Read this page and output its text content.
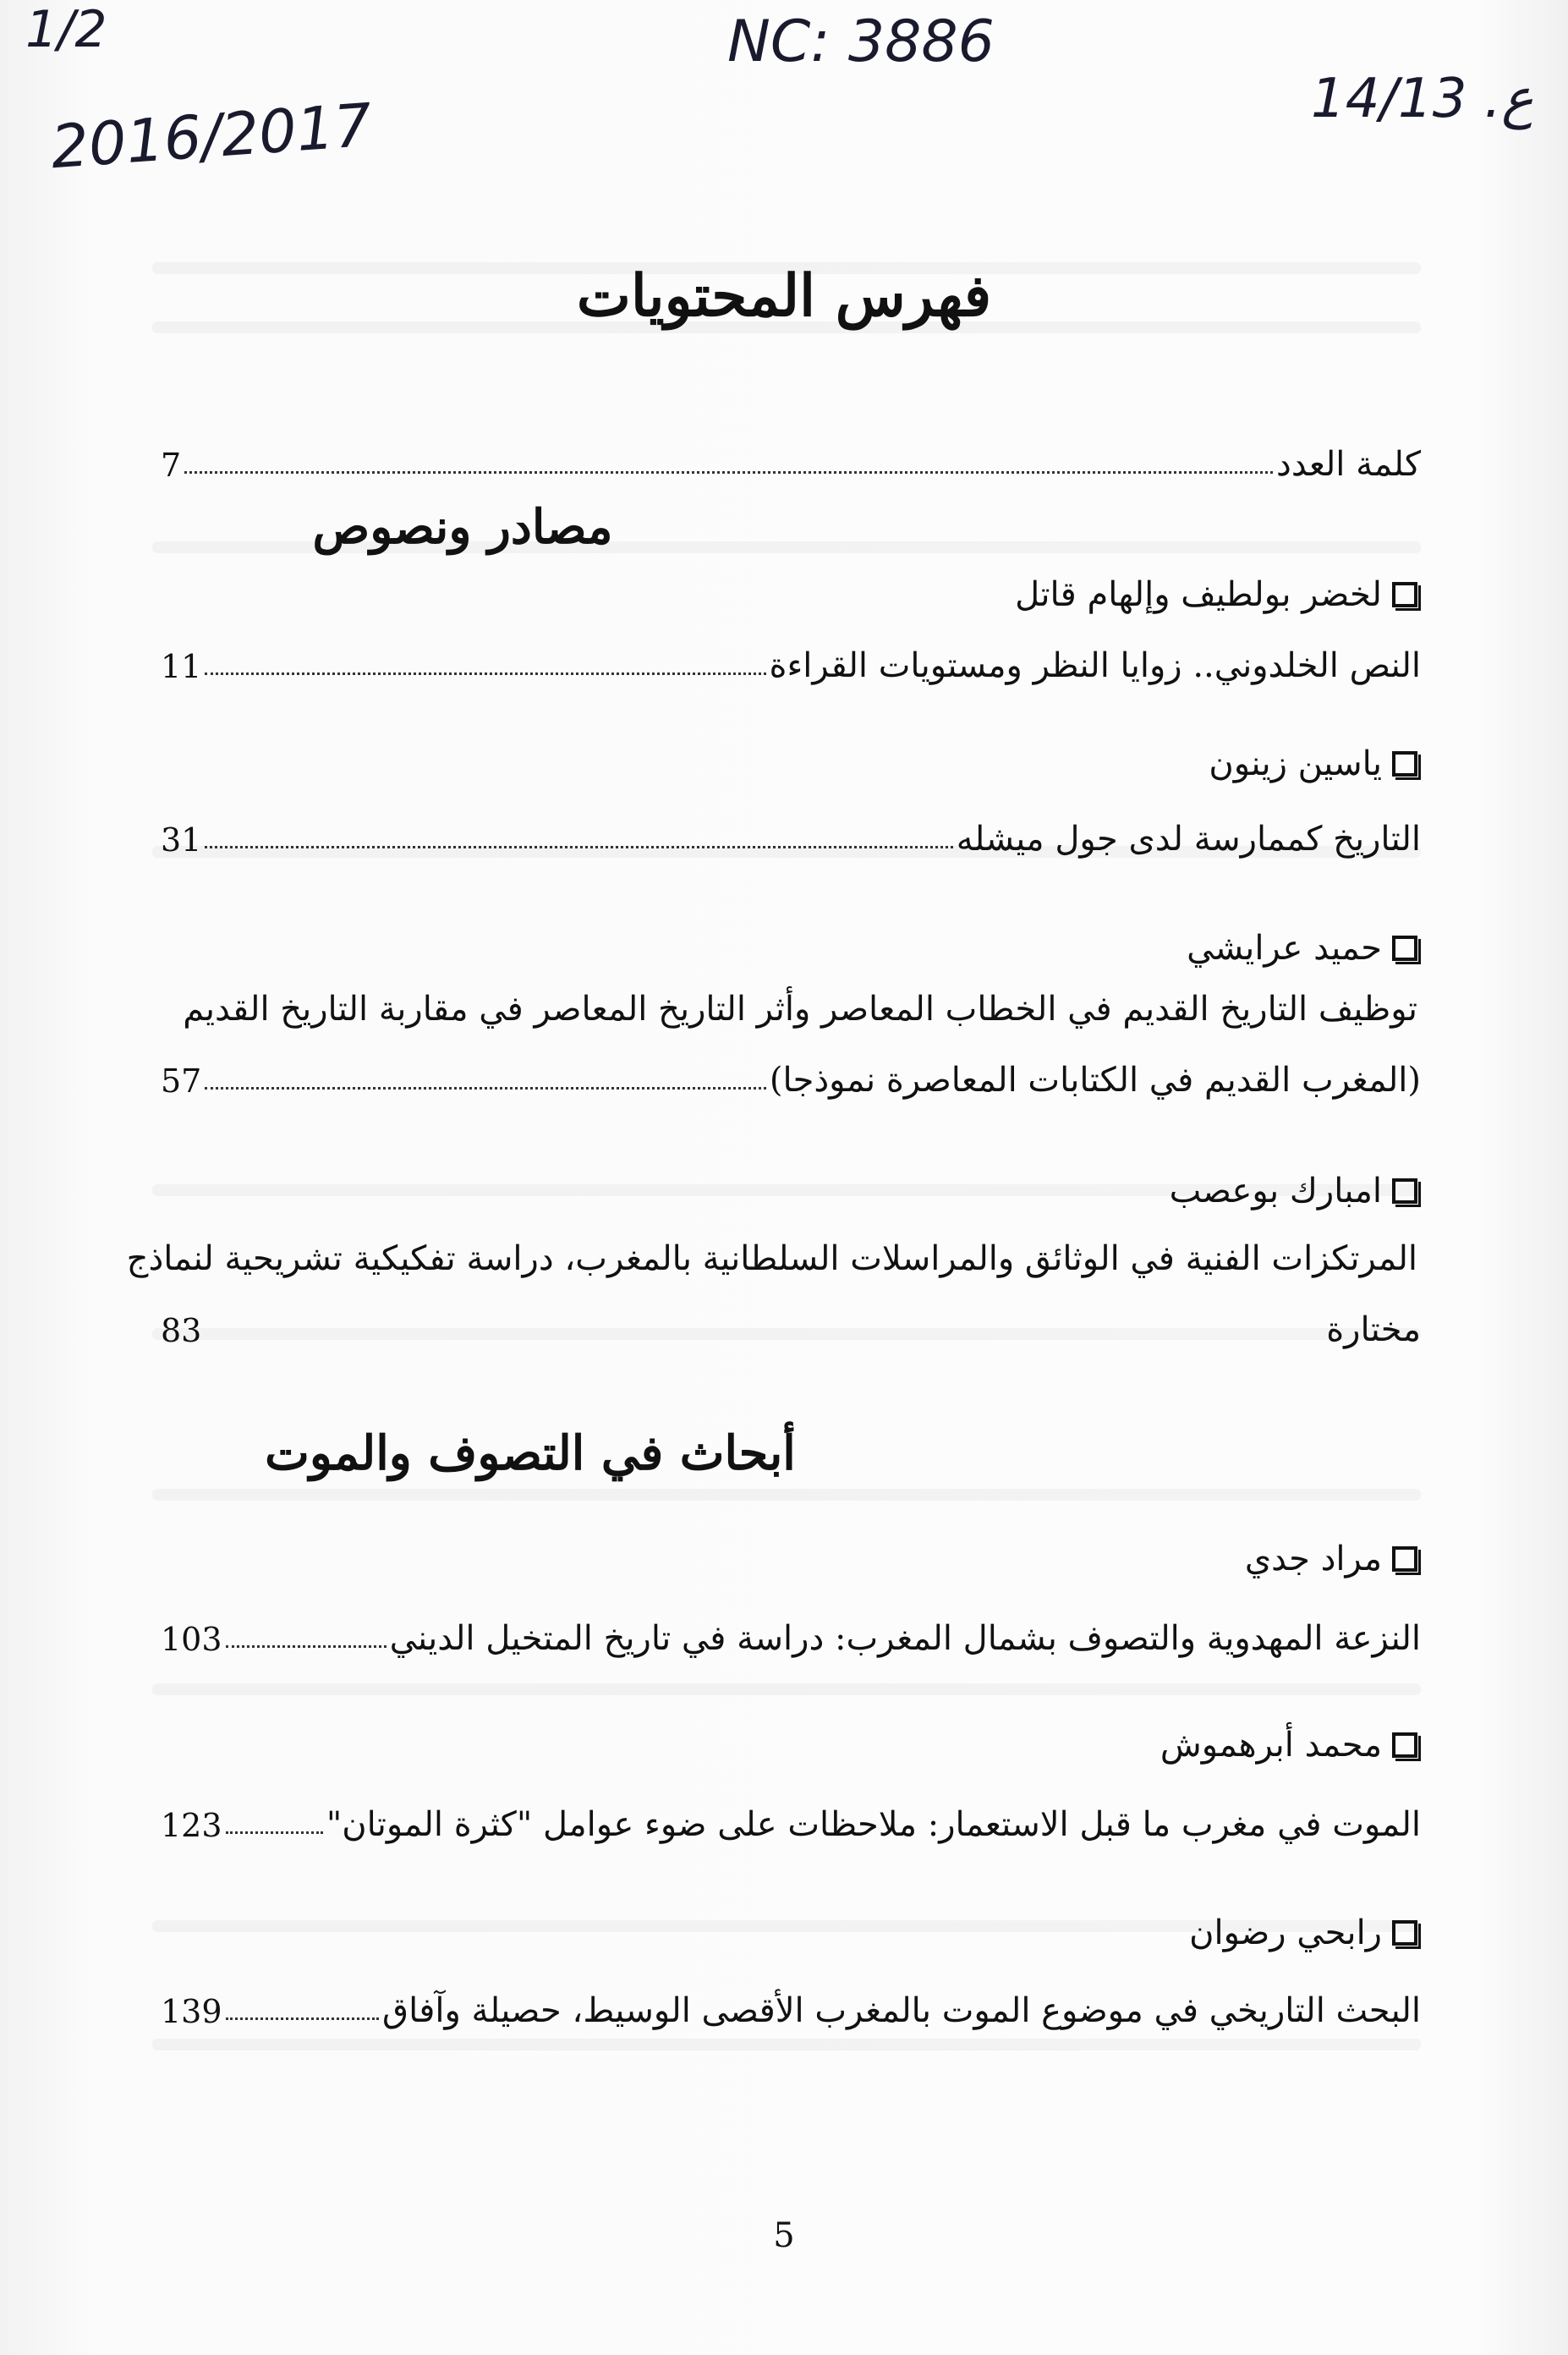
1/2
2016/2017
NC: 3886
14/13 .ع
فهرس المحتويات
كلمة العدد
7
مصادر ونصوص
لخضر بولطيف وإلهام قاتل
النص الخلدوني.. زوايا النظر ومستويات القراءة
11
ياسين زينون
التاريخ كممارسة لدى جول ميشله
31
حميد عرايشي
توظيف التاريخ القديم في الخطاب المعاصر وأثر التاريخ المعاصر في مقاربة التاريخ القديم
(المغرب القديم في الكتابات المعاصرة نموذجا)
57
امبارك بوعصب
المرتكزات الفنية في الوثائق والمراسلات السلطانية بالمغرب، دراسة تفكيكية تشريحية لنماذج
مختارة
83
أبحاث في التصوف والموت
مراد جدي
النزعة المهدوية والتصوف بشمال المغرب: دراسة في تاريخ المتخيل الديني
103
محمد أبرهموش
الموت في مغرب ما قبل الاستعمار: ملاحظات على ضوء عوامل "كثرة الموتان"
123
رابحي رضوان
البحث التاريخي في موضوع الموت بالمغرب الأقصى الوسيط، حصيلة وآفاق
139
5
